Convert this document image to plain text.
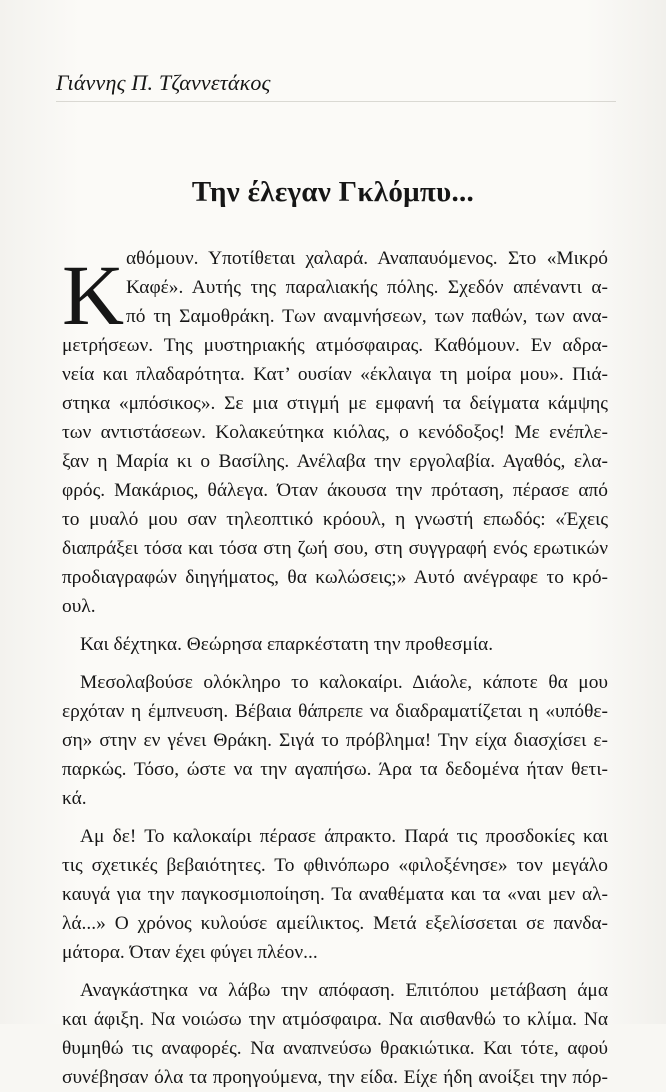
Γιάννης Π. Τζαννετάκος
Την έλεγαν Γκλόμπυ...
Κ αθόμουν. Υποτίθεται χαλαρά. Αναπαυόμενος. Στο «Μικρό
Καφέ». Αυτής της παραλιακής πόλης. Σχεδόν απέναντι α-
πό τη Σαμοθράκη. Των αναμνήσεων, των παθών, των ανα-
μετρήσεων. Της μυστηριακής ατμόσφαιρας. Καθόμουν. Εν αδρα-
νεία και πλαδαρότητα. Κατ’ ουσίαν «έκλαιγα τη μοίρα μου». Πιά-
στηκα «μπόσικος». Σε μια στιγμή με εμφανή τα δείγματα κάμψης
των αντιστάσεων. Κολακεύτηκα κιόλας, ο κενόδοξος! Με ενέπλε-
ξαν η Μαρία κι ο Βασίλης. Ανέλαβα την εργολαβία. Αγαθός, ελα-
φρός. Μακάριος, θάλεγα. Όταν άκουσα την πρόταση, πέρασε από
το μυαλό μου σαν τηλεοπτικό κρόουλ, η γνωστή επωδός: «Έχεις
διαπράξει τόσα και τόσα στη ζωή σου, στη συγγραφή ενός ερωτικών
προδιαγραφών διηγήματος, θα κωλώσεις;» Αυτό ανέγραφε το κρό-
ουλ.
Και δέχτηκα. Θεώρησα επαρκέστατη την προθεσμία.
Μεσολαβούσε ολόκληρο το καλοκαίρι. Διάολε, κάποτε θα μου
ερχόταν η έμπνευση. Βέβαια θάπρεπε να διαδραματίζεται η «υπόθε-
ση» στην εν γένει Θράκη. Σιγά το πρόβλημα! Την είχα διασχίσει ε-
παρκώς. Τόσο, ώστε να την αγαπήσω. Άρα τα δεδομένα ήταν θετι-
κά.
Αμ δε! Το καλοκαίρι πέρασε άπρακτο. Παρά τις προσδοκίες και
τις σχετικές βεβαιότητες. Το φθινόπωρο «φιλοξένησε» τον μεγάλο
καυγά για την παγκοσμιοποίηση. Τα αναθέματα και τα «ναι μεν αλ-
λά...» Ο χρόνος κυλούσε αμείλικτος. Μετά εξελίσσεται σε πανδα-
μάτορα. Όταν έχει φύγει πλέον...
Αναγκάστηκα να λάβω την απόφαση. Επιτόπου μετάβαση άμα
και άφιξη. Να νοιώσω την ατμόσφαιρα. Να αισθανθώ το κλίμα. Να
θυμηθώ τις αναφορές. Να αναπνεύσω θρακιώτικα. Και τότε, αφού
συνέβησαν όλα τα προηγούμενα, την είδα. Είχε ήδη ανοίξει την πόρ-
